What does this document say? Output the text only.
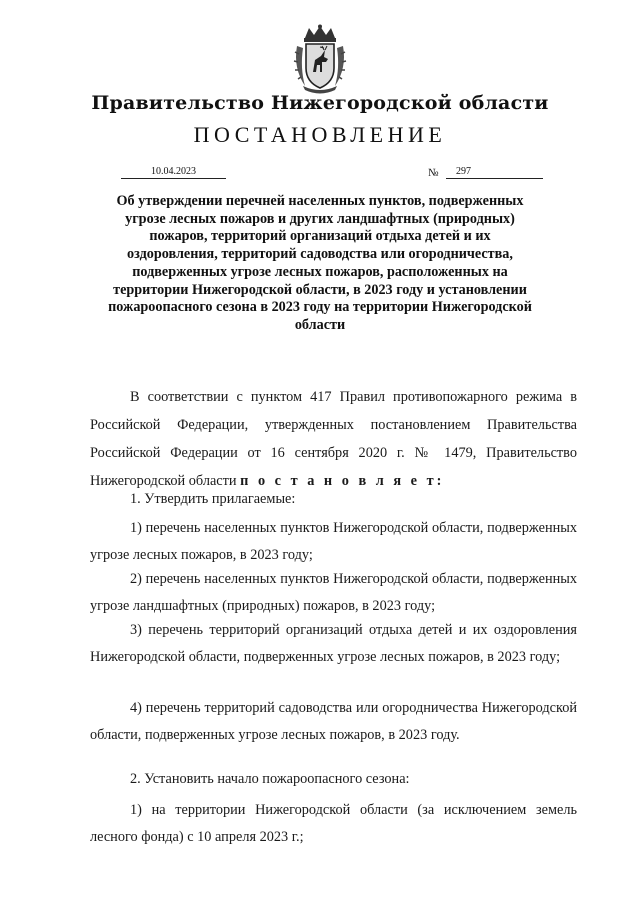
Правительство Нижегородской области
ПОСТАНОВЛЕНИЕ
10.04.2023	№ 297
Об утверждении перечней населенных пунктов, подверженных угрозе лесных пожаров и других ландшафтных (природных) пожаров, территорий организаций отдыха детей и их оздоровления, территорий садоводства или огородничества, подверженных угрозе лесных пожаров, расположенных на территории Нижегородской области, в 2023 году и установлении пожароопасного сезона в 2023 году на территории Нижегородской области

В соответствии с пунктом 417 Правил противопожарного режима в Российской Федерации, утвержденных постановлением Правительства Российской Федерации от 16 сентября 2020 г. № 1479, Правительство Нижегородской области п о с т а н о в л я е т:

1. Утвердить прилагаемые:

1) перечень населенных пунктов Нижегородской области, подверженных угрозе лесных пожаров, в 2023 году;

2) перечень населенных пунктов Нижегородской области, подверженных угрозе ландшафтных (природных) пожаров, в 2023 году;

3) перечень территорий организаций отдыха детей и их оздоровления Нижегородской области, подверженных угрозе лесных пожаров, в 2023 году;

4) перечень территорий садоводства или огородничества Нижегородской области, подверженных угрозе лесных пожаров, в 2023 году.

2. Установить начало пожароопасного сезона:

1) на территории Нижегородской области (за исключением земель лесного фонда) с 10 апреля 2023 г.;
